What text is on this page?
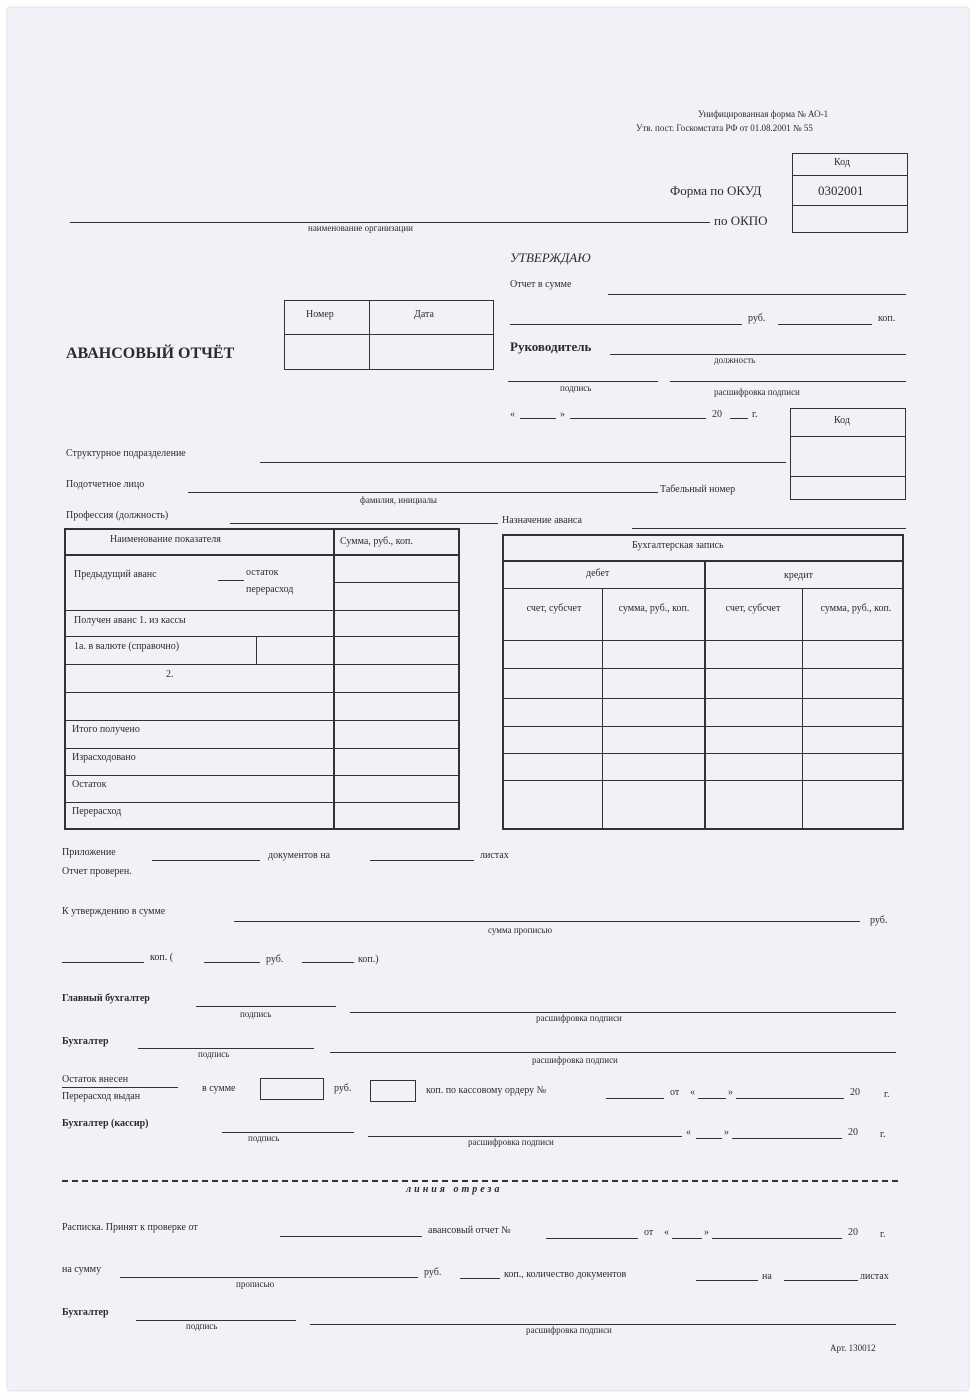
Унифицированная форма № АО-1
Утв. пост. Госкомстата РФ от 01.08.2001 № 55
Код
Форма по ОКУД	0302001
по ОКПО
наименование организации
УТВЕРЖДАЮ
Отчет в сумме
руб.	коп.
Руководитель
должность
подпись	расшифровка подписи
«	»	20	г.
АВАНСОВЫЙ ОТЧЁТ
Номер	Дата
Код
Структурное подразделение
Подотчетное лицо
фамилия, инициалы
Табельный номер
Профессия (должность)	Назначение аванса
Наименование показателя	Сумма, руб., коп.
Предыдущий аванс	остаток
перерасход
Получен аванс 1. из кассы
1а. в валюте (справочно)
2.
Итого получено
Израсходовано
Остаток
Перерасход
Бухгалтерская запись
дебет	кредит
счет, субсчет	сумма, руб., коп.	счет, субсчет	сумма, руб., коп.
Приложение	документов на	листах
Отчет проверен.
К утверждению в сумме
сумма прописью
руб.
коп. (	руб.	коп.)
Главный бухгалтер
подпись	расшифровка подписи
Бухгалтер
подпись
расшифровка подписи
Остаток внесен
Перерасход выдан
в сумме	руб.	коп. по кассовому ордеру №	от «	»	20 г.
Бухгалтер (кассир)
подпись	расшифровка подписи
«	»	20 г.
линия отреза
Расписка. Принят к проверке от	авансовый отчет №	от «	»	20 г.
на сумму
прописью
руб.	коп., количество документов	на	листах
Бухгалтер
подпись	расшифровка подписи
Арт. 130012
